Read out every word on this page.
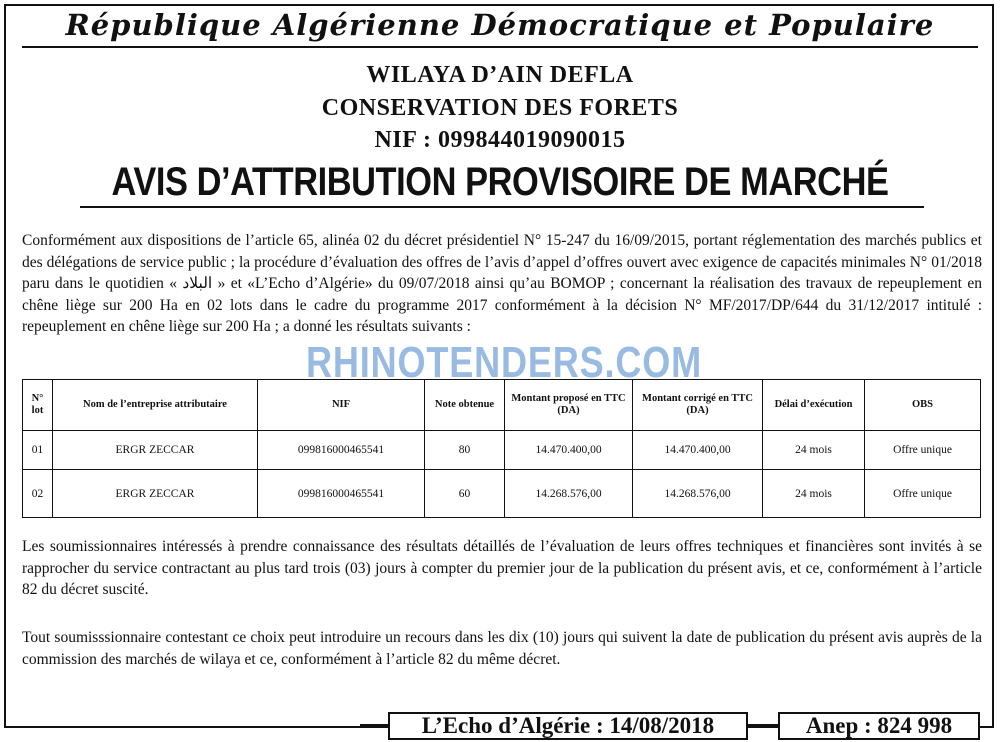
République Algérienne Démocratique et Populaire
WILAYA D’AIN DEFLA
CONSERVATION DES FORETS
NIF : 099844019090015
AVIS D’ATTRIBUTION PROVISOIRE DE MARCHÉ
Conformément aux dispositions de l’article 65, alinéa 02 du décret présidentiel N° 15-247 du 16/09/2015, portant réglementation des marchés publics et des délégations de service public ; la procédure d’évaluation des offres de l’avis d’appel d’offres ouvert avec exigence de capacités minimales N° 01/2018 paru dans le quotidien « البلاد » et «L’Echo d’Algérie» du 09/07/2018 ainsi qu’au BOMOP ; concernant la réalisation des travaux de repeuplement en chêne liège sur 200 Ha en 02 lots dans le cadre du programme 2017 conformément à la décision N° MF/2017/DP/644 du 31/12/2017 intitulé : repeuplement en chêne liège sur 200 Ha ; a donné les résultats suivants :
N° lot	Nom de l’entreprise attributaire	NIF	Note obtenue	Montant proposé en TTC (DA)	Montant corrigé en TTC (DA)	Délai d’exécution	OBS
01	ERGR ZECCAR	099816000465541	80	14.470.400,00	14.470.400,00	24 mois	Offre unique
02	ERGR ZECCAR	099816000465541	60	14.268.576,00	14.268.576,00	24 mois	Offre unique
RHINOTENDERS.COM
Les soumissionnaires intéressés à prendre connaissance des résultats détaillés de l’évaluation de leurs offres techniques et financières sont invités à se rapprocher du service contractant au plus tard trois (03) jours à compter du premier jour de la publication du présent avis, et ce, conformément à l’article 82 du décret suscité.
Tout soumisssionnaire contestant ce choix peut introduire un recours dans les dix (10) jours qui suivent la date de publication du présent avis auprès de la commission des marchés de wilaya et ce, conformément à l’article 82 du même décret.
L’Echo d’Algérie : 14/08/2018	Anep : 824 998
